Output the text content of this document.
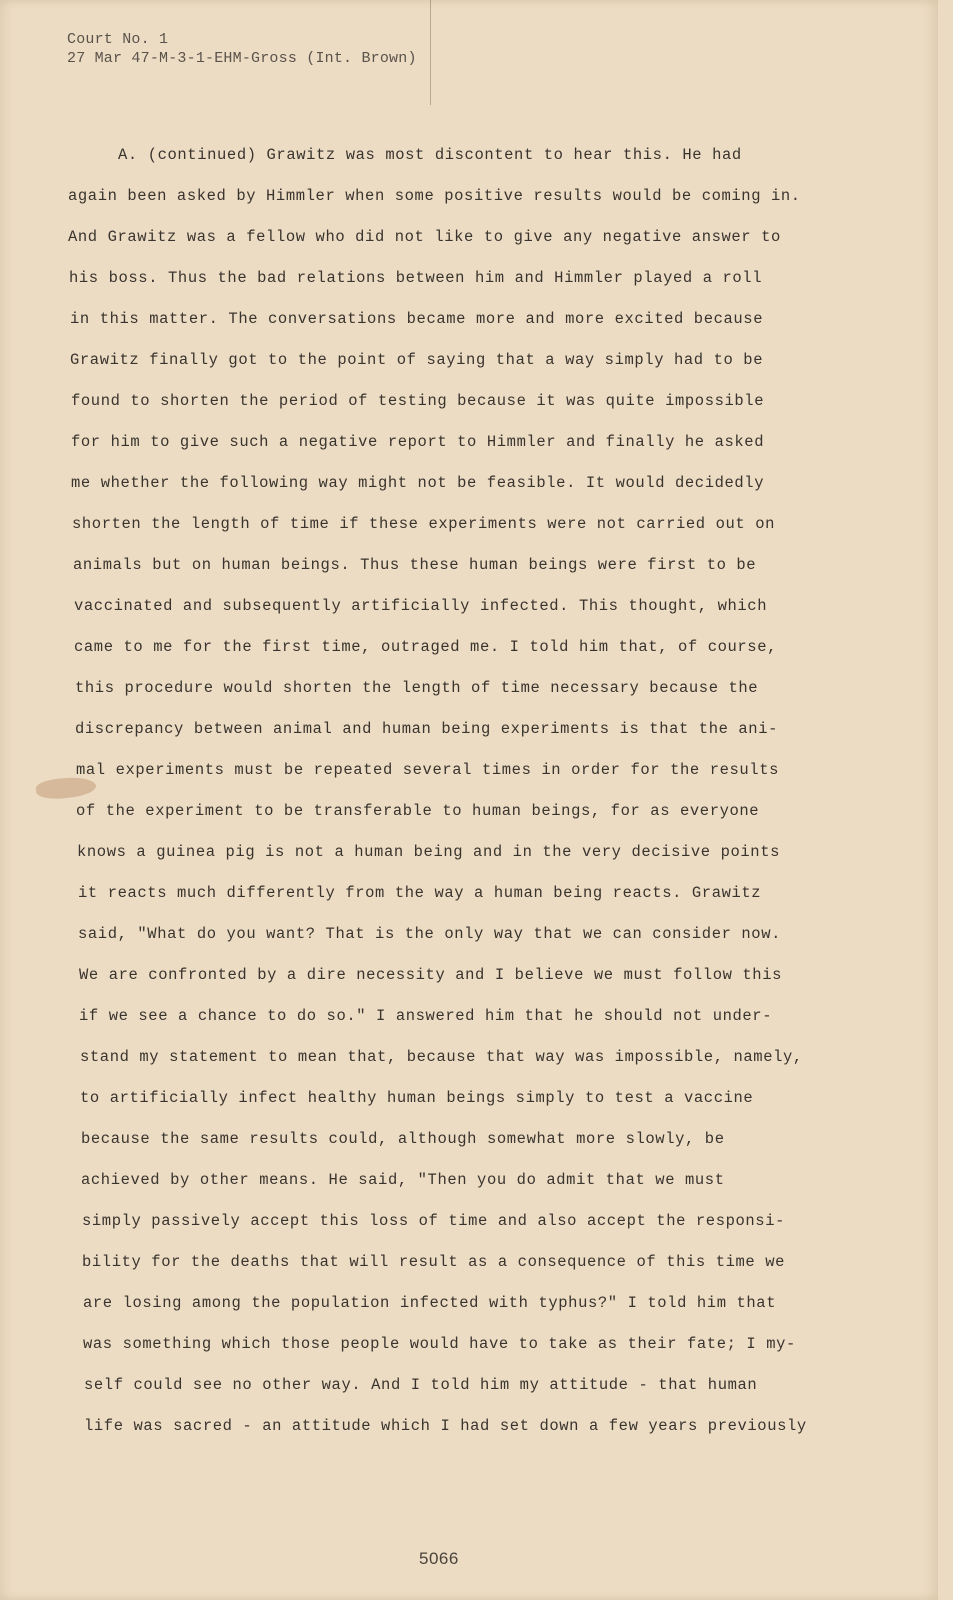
Court No. 1
27 Mar 47-M-3-1-EHM-Gross (Int. Brown)
A. (continued) Grawitz was most discontent to hear this. He had
again been asked by Himmler when some positive results would be coming in.
And Grawitz was a fellow who did not like to give any negative answer to
his boss. Thus the bad relations between him and Himmler played a roll
in this matter. The conversations became more and more excited because
Grawitz finally got to the point of saying that a way simply had to be
found to shorten the period of testing because it was quite impossible
for him to give such a negative report to Himmler and finally he asked
me whether the following way might not be feasible. It would decidedly
shorten the length of time if these experiments were not carried out on
animals but on human beings. Thus these human beings were first to be
vaccinated and subsequently artificially infected. This thought, which
came to me for the first time, outraged me. I told him that, of course,
this procedure would shorten the length of time necessary because the
discrepancy between animal and human being experiments is that the ani-
mal experiments must be repeated several times in order for the results
of the experiment to be transferable to human beings, for as everyone
knows a guinea pig is not a human being and in the very decisive points
it reacts much differently from the way a human being reacts. Grawitz
said, "What do you want? That is the only way that we can consider now.
We are confronted by a dire necessity and I believe we must follow this
if we see a chance to do so." I answered him that he should not under-
stand my statement to mean that, because that way was impossible, namely,
to artificially infect healthy human beings simply to test a vaccine
because the same results could, although somewhat more slowly, be
achieved by other means. He said, "Then you do admit that we must
simply passively accept this loss of time and also accept the responsi-
bility for the deaths that will result as a consequence of this time we
are losing among the population infected with typhus?" I told him that
was something which those people would have to take as their fate; I my-
self could see no other way. And I told him my attitude - that human
life was sacred - an attitude which I had set down a few years previously
5066
